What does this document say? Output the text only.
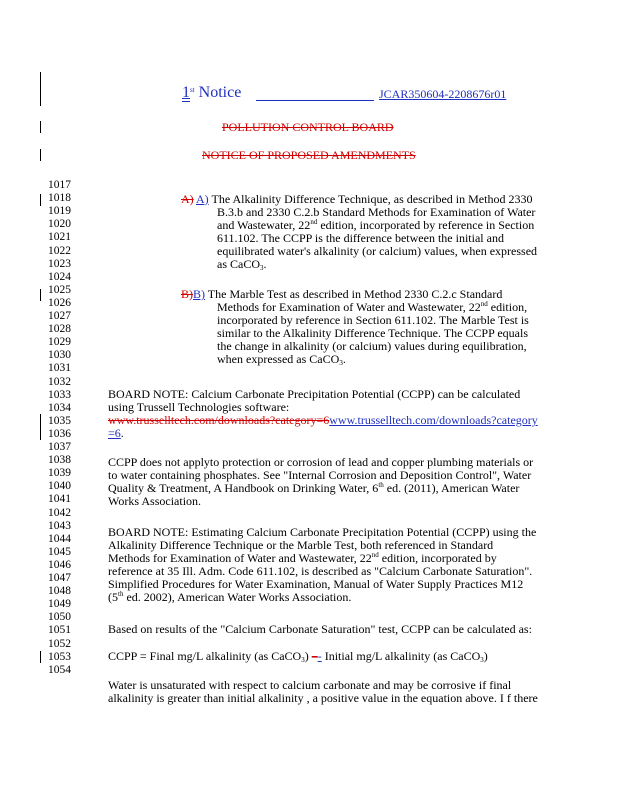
1st Notice	JCAR350604-2208676r01
POLLUTION CONTROL BOARD
NOTICE OF PROPOSED AMENDMENTS
1017
1018
1019
1020
1021
1022
1023
1024
1025
1026
1027
1028
1029
1030
1031
1032
1033
1034
1035
1036
1037
1038
1039
1040
1041
1042
1043
1044
1045
1046
1047
1048
1049
1050
1051
1052
1053
1054
A) A) The Alkalinity Difference Technique, as described in Method 2330
B.3.b and 2330 C.2.b Standard Methods for Examination of Water
and Wastewater, 22nd edition, incorporated by reference in Section
611.102. The CCPP is the difference between the initial and
equilibrated water's alkalinity (or calcium) values, when expressed
as CaCO$_3$.
B)B) The Marble Test as described in Method 2330 C.2.c Standard
Methods for Examination of Water and Wastewater, 22nd edition,
incorporated by reference in Section 611.102. The Marble Test is
similar to the Alkalinity Difference Technique. The CCPP equals
the change in alkalinity (or calcium) values during equilibration,
when expressed as CaCO$_3$.
BOARD NOTE: Calcium Carbonate Precipitation Potential (CCPP) can be calculated
using Trussell Technologies software:
www.trusselltech.com/downloads?category=6www.trusselltech.com/downloads?category
=6.
CCPP does not applyto protection or corrosion of lead and copper plumbing materials or
to water containing phosphates. See "Internal Corrosion and Deposition Control", Water
Quality & Treatment, A Handbook on Drinking Water, 6th ed. (2011), American Water
Works Association.
BOARD NOTE: Estimating Calcium Carbonate Precipitation Potential (CCPP) using the
Alkalinity Difference Technique or the Marble Test, both referenced in Standard
Methods for Examination of Water and Wastewater, 22nd edition, incorporated by
reference at 35 Ill. Adm. Code 611.102, is described as "Calcium Carbonate Saturation".
Simplified Procedures for Water Examination, Manual of Water Supply Practices M12
(5th ed. 2002), American Water Works Association.
Based on results of the "Calcium Carbonate Saturation" test, CCPP can be calculated as:
CCPP = Final mg/L alkalinity (as CaCO$_3$) –- Initial mg/L alkalinity (as CaCO$_3$)
Water is unsaturated with respect to calcium carbonate and may be corrosive if final
alkalinity is greater than initial alkalinity , a positive value in the equation above. I f there
